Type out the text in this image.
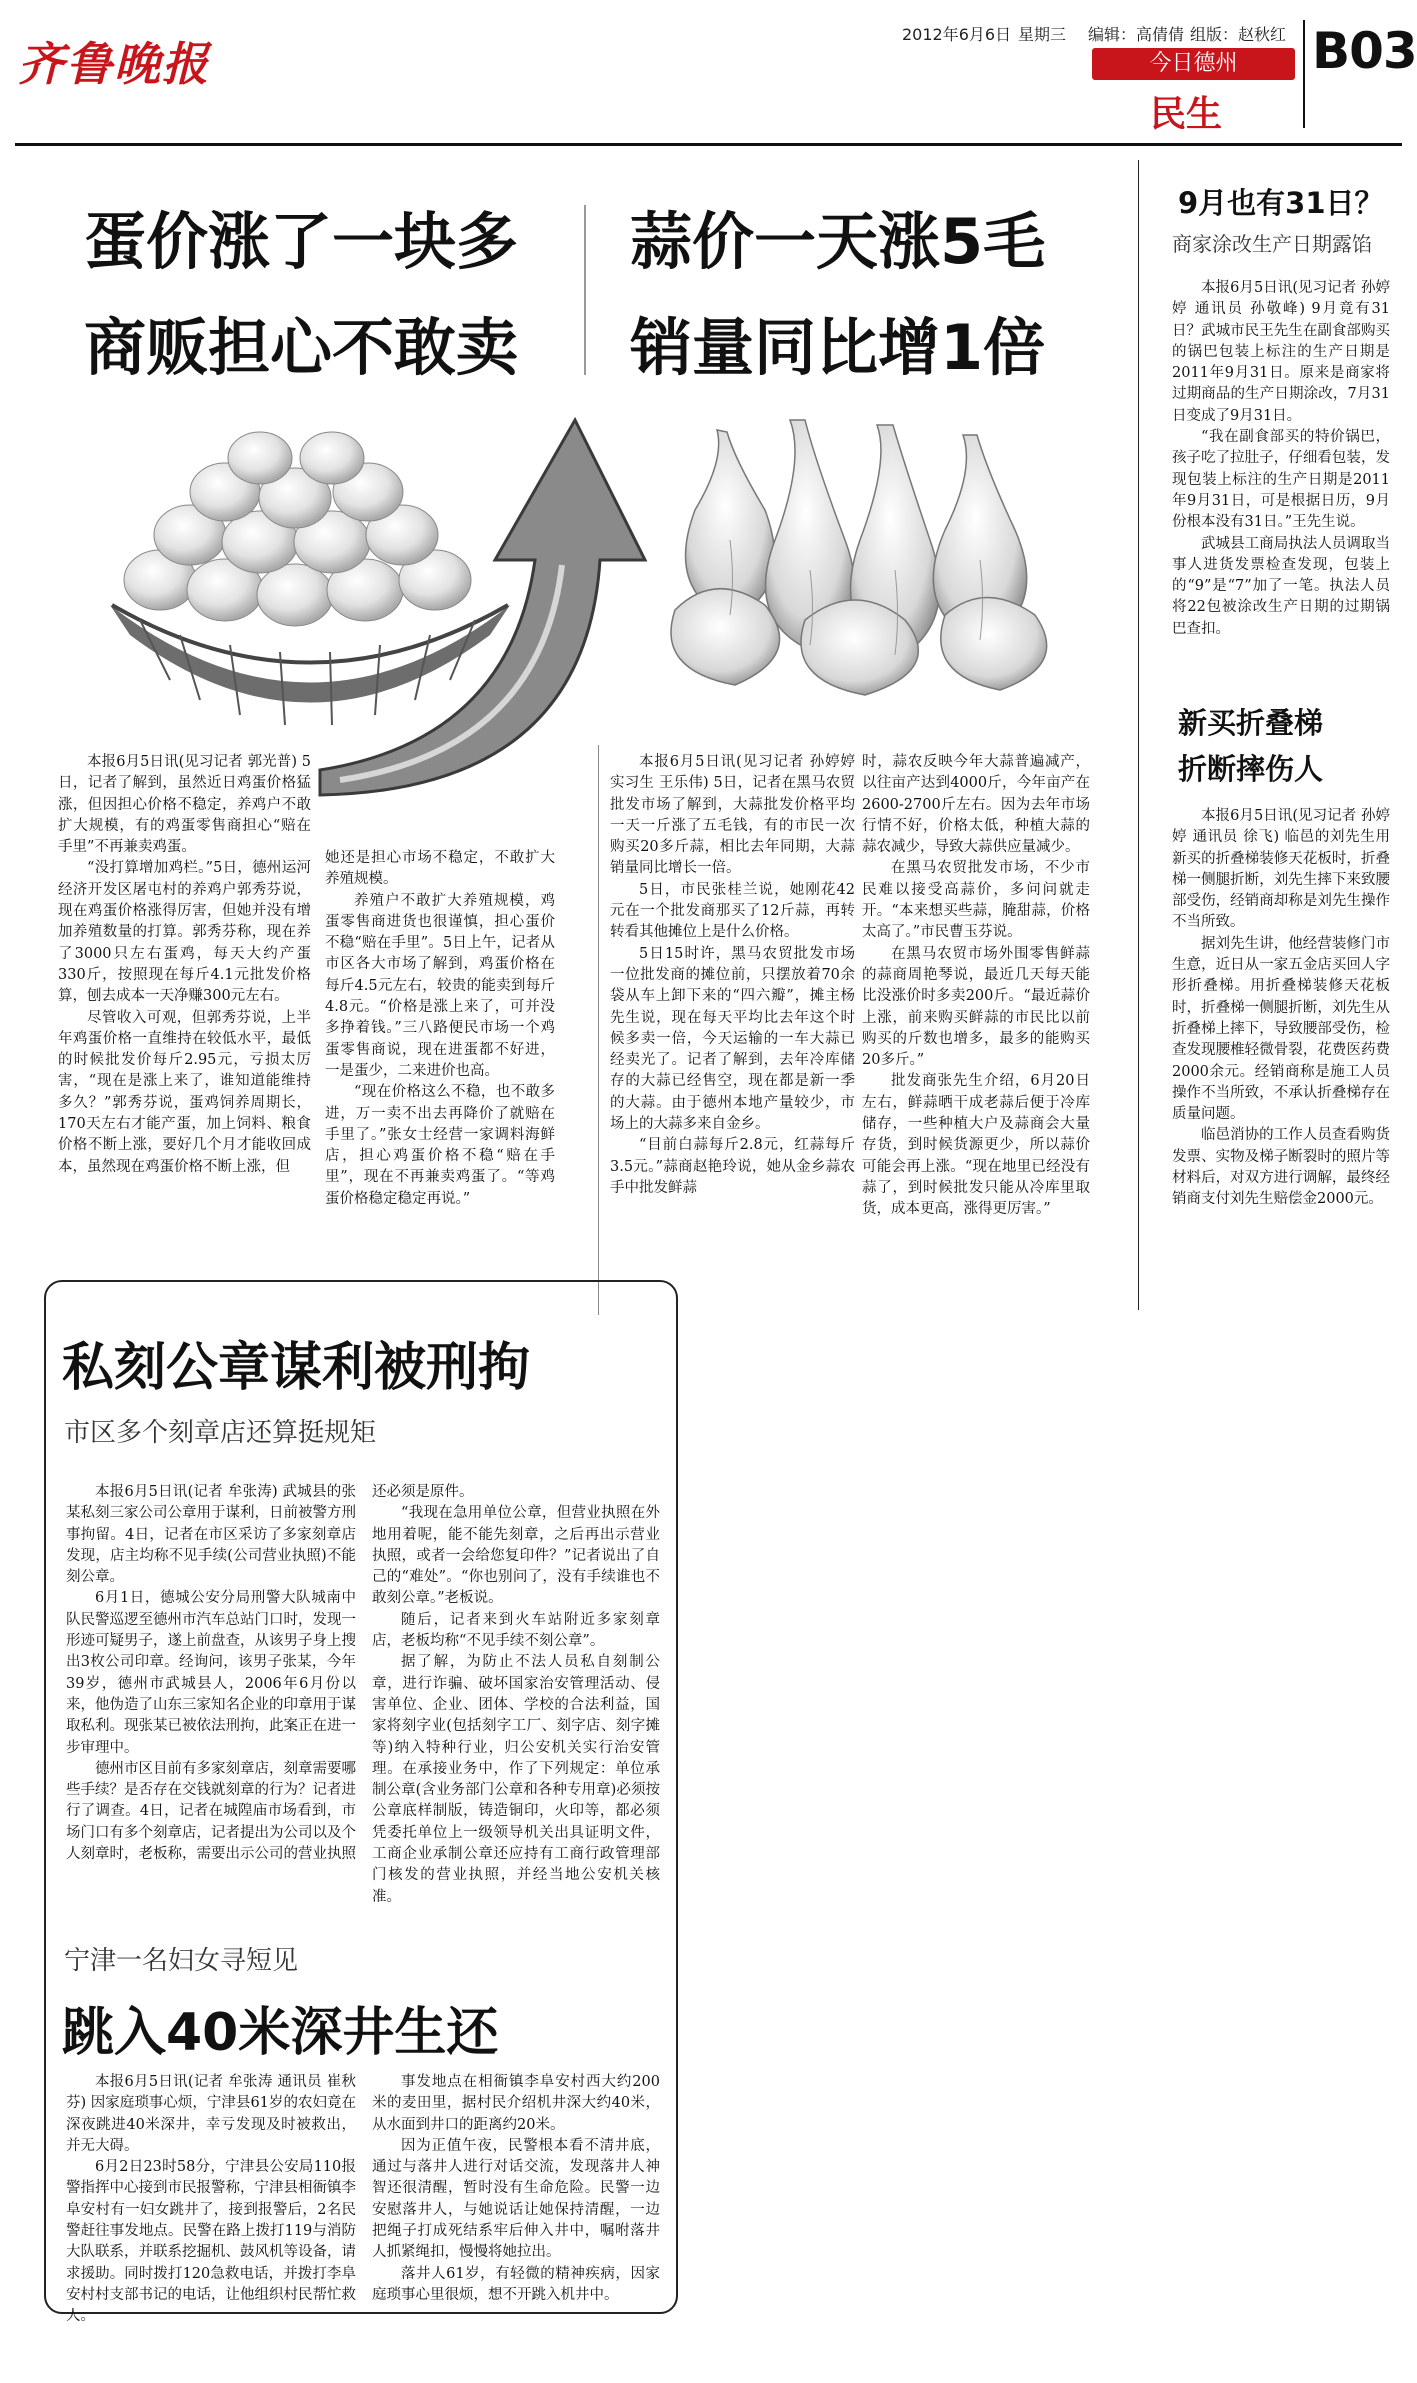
齐鲁晚报
2012年6月6日 星期三 编辑：高倩倩 组版：赵秋红
今日德州
民生
B03
蛋价涨了一块多
商贩担心不敢卖
蒜价一天涨5毛
销量同比增1倍

本报6月5日讯(见习记者 郭光普) 5日，记者了解到，虽然近日鸡蛋价格猛涨，但因担心价格不稳定，养鸡户不敢扩大规模，有的鸡蛋零售商担心“赔在手里”不再兼卖鸡蛋。

“没打算增加鸡栏。”5日，德州运河经济开发区屠屯村的养鸡户郭秀芬说，现在鸡蛋价格涨得厉害，但她并没有增加养殖数量的打算。郭秀芬称，现在养了3000只左右蛋鸡，每天大约产蛋330斤，按照现在每斤4.1元批发价格算，刨去成本一天净赚300元左右。

尽管收入可观，但郭秀芬说，上半年鸡蛋价格一直维持在较低水平，最低的时候批发价每斤2.95元，亏损太厉害，“现在是涨上来了，谁知道能维持多久？”郭秀芬说，蛋鸡饲养周期长，170天左右才能产蛋，加上饲料、粮食价格不断上涨，要好几个月才能收回成本，虽然现在鸡蛋价格不断上涨，但

她还是担心市场不稳定，不敢扩大养殖规模。

养殖户不敢扩大养殖规模，鸡蛋零售商进货也很谨慎，担心蛋价不稳“赔在手里”。5日上午，记者从市区各大市场了解到，鸡蛋价格在每斤4.5元左右，较贵的能卖到每斤4.8元。“价格是涨上来了，可并没多挣着钱。”三八路便民市场一个鸡蛋零售商说，现在进蛋都不好进，一是蛋少，二来进价也高。

“现在价格这么不稳，也不敢多进，万一卖不出去再降价了就赔在手里了。”张女士经营一家调料海鲜店，担心鸡蛋价格不稳“赔在手里”，现在不再兼卖鸡蛋了。“等鸡蛋价格稳定稳定再说。”

本报6月5日讯(见习记者 孙婷婷 实习生 王乐伟) 5日，记者在黑马农贸批发市场了解到，大蒜批发价格平均一天一斤涨了五毛钱，有的市民一次购买20多斤蒜，相比去年同期，大蒜销量同比增长一倍。

5日，市民张桂兰说，她刚花42元在一个批发商那买了12斤蒜，再转转看其他摊位上是什么价格。

5日15时许，黑马农贸批发市场一位批发商的摊位前，只摆放着70余袋从车上卸下来的“四六瓣”，摊主杨先生说，现在每天平均比去年这个时候多卖一倍，今天运输的一车大蒜已经卖光了。记者了解到，去年冷库储存的大蒜已经售空，现在都是新一季的大蒜。由于德州本地产量较少，市场上的大蒜多来自金乡。

“目前白蒜每斤2.8元，红蒜每斤3.5元。”蒜商赵艳玲说，她从金乡蒜农手中批发鲜蒜

时，蒜农反映今年大蒜普遍减产，以往亩产达到4000斤，今年亩产在2600-2700斤左右。因为去年市场行情不好，价格太低，种植大蒜的蒜农减少，导致大蒜供应量减少。

在黑马农贸批发市场，不少市民难以接受高蒜价，多问问就走开。“本来想买些蒜，腌甜蒜，价格太高了。”市民曹玉芬说。

在黑马农贸市场外围零售鲜蒜的蒜商周艳琴说，最近几天每天能比没涨价时多卖200斤。“最近蒜价上涨，前来购买鲜蒜的市民比以前购买的斤数也增多，最多的能购买20多斤。”

批发商张先生介绍，6月20日左右，鲜蒜晒干成老蒜后便于冷库储存，一些种植大户及蒜商会大量存货，到时候货源更少，所以蒜价可能会再上涨。“现在地里已经没有蒜了，到时候批发只能从冷库里取货，成本更高，涨得更厉害。”

9月也有31日？
商家涂改生产日期露馅

本报6月5日讯(见习记者 孙婷婷 通讯员 孙敬峰) 9月竟有31日？武城市民王先生在副食部购买的锅巴包装上标注的生产日期是2011年9月31日。原来是商家将过期商品的生产日期涂改，7月31日变成了9月31日。

“我在副食部买的特价锅巴，孩子吃了拉肚子，仔细看包装，发现包装上标注的生产日期是2011年9月31日，可是根据日历，9月份根本没有31日。”王先生说。

武城县工商局执法人员调取当事人进货发票检查发现，包装上的“9”是“7”加了一笔。执法人员将22包被涂改生产日期的过期锅巴查扣。

新买折叠梯
折断摔伤人

本报6月5日讯(见习记者 孙婷婷 通讯员 徐飞) 临邑的刘先生用新买的折叠梯装修天花板时，折叠梯一侧腿折断，刘先生摔下来致腰部受伤，经销商却称是刘先生操作不当所致。

据刘先生讲，他经营装修门市生意，近日从一家五金店买回人字形折叠梯。用折叠梯装修天花板时，折叠梯一侧腿折断，刘先生从折叠梯上摔下，导致腰部受伤，检查发现腰椎轻微骨裂，花费医药费2000余元。经销商称是施工人员操作不当所致，不承认折叠梯存在质量问题。

临邑消协的工作人员查看购货发票、实物及梯子断裂时的照片等材料后，对双方进行调解，最终经销商支付刘先生赔偿金2000元。

私刻公章谋利被刑拘
市区多个刻章店还算挺规矩

本报6月5日讯(记者 牟张涛) 武城县的张某私刻三家公司公章用于谋利，日前被警方刑事拘留。4日，记者在市区采访了多家刻章店发现，店主均称不见手续(公司营业执照)不能刻公章。

6月1日，德城公安分局刑警大队城南中队民警巡逻至德州市汽车总站门口时，发现一形迹可疑男子，遂上前盘查，从该男子身上搜出3枚公司印章。经询问，该男子张某，今年39岁，德州市武城县人，2006年6月份以来，他伪造了山东三家知名企业的印章用于谋取私利。现张某已被依法刑拘，此案正在进一步审理中。

德州市区目前有多家刻章店，刻章需要哪些手续？是否存在交钱就刻章的行为？记者进行了调查。4日，记者在城隍庙市场看到，市场门口有多个刻章店，记者提出为公司以及个人刻章时，老板称，需要出示公司的营业执照

还必须是原件。

“我现在急用单位公章，但营业执照在外地用着呢，能不能先刻章，之后再出示营业执照，或者一会给您复印件？”记者说出了自己的“难处”。“你也别问了，没有手续谁也不敢刻公章。”老板说。

随后，记者来到火车站附近多家刻章店，老板均称“不见手续不刻公章”。

据了解，为防止不法人员私自刻制公章，进行诈骗、破坏国家治安管理活动、侵害单位、企业、团体、学校的合法利益，国家将刻字业(包括刻字工厂、刻字店、刻字摊等)纳入特种行业，归公安机关实行治安管理。在承接业务中，作了下列规定：单位承制公章(含业务部门公章和各种专用章)必须按公章底样制版，铸造铜印，火印等，都必须凭委托单位上一级领导机关出具证明文件，工商企业承制公章还应持有工商行政管理部门核发的营业执照，并经当地公安机关核准。

宁津一名妇女寻短见
跳入40米深井生还

本报6月5日讯(记者 牟张涛 通讯员 崔秋芬) 因家庭琐事心烦，宁津县61岁的农妇竟在深夜跳进40米深井，幸亏发现及时被救出，并无大碍。

6月2日23时58分，宁津县公安局110报警指挥中心接到市民报警称，宁津县相衙镇李阜安村有一妇女跳井了，接到报警后，2名民警赶往事发地点。民警在路上拨打119与消防大队联系，并联系挖掘机、鼓风机等设备，请求援助。同时拨打120急救电话，并拨打李阜安村村支部书记的电话，让他组织村民帮忙救人。

事发地点在相衙镇李阜安村西大约200米的麦田里，据村民介绍机井深大约40米，从水面到井口的距离约20米。

因为正值午夜，民警根本看不清井底，通过与落井人进行对话交流，发现落井人神智还很清醒，暂时没有生命危险。民警一边安慰落井人，与她说话让她保持清醒，一边把绳子打成死结系牢后伸入井中，嘱咐落井人抓紧绳扣，慢慢将她拉出。

落井人61岁，有轻微的精神疾病，因家庭琐事心里很烦，想不开跳入机井中。
